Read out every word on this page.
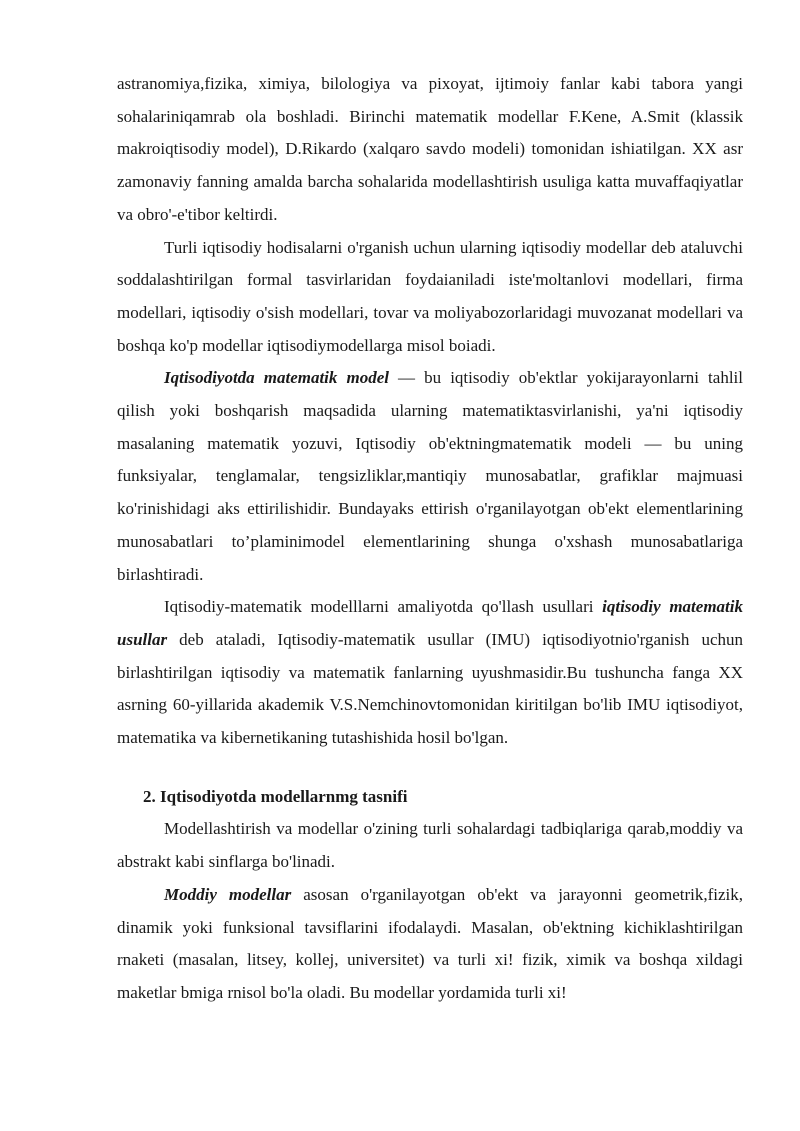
astranomiya,fizika, ximiya, bilologiya va pixoyat, ijtimoiy fanlar kabi tabora yangi sohalariniqamrab ola boshladi. Birinchi matematik modellar F.Kene, A.Smit (klassik makroiqtisodiy model), D.Rikardo (xalqaro savdo modeli) tomonidan ishiatilgan. XX asr zamonaviy fanning amalda barcha sohalarida modellashtirish usuliga katta muvaffaqiyatlar va obro'-e'tibor keltirdi.

Turli iqtisodiy hodisalarni o'rganish uchun ularning iqtisodiy modellar deb ataluvchi soddalashtirilgan formal tasvirlaridan foydaianiladi iste'moltanlovi modellari, firma modellari, iqtisodiy o'sish modellari, tovar va moliyabozorlaridagi muvozanat modellari va boshqa ko'p modellar iqtisodiymodellarga misol boiadi.

Iqtisodiyotda matematik model — bu iqtisodiy ob'ektlar yokijarayonlarni tahlil qilish yoki boshqarish maqsadida ularning matematiktasvirlanishi, ya'ni iqtisodiy masalaning matematik yozuvi, Iqtisodiy ob'ektningmatematik modeli — bu uning funksiyalar, tenglamalar, tengsizliklar,mantiqiy munosabatlar, grafiklar majmuasi ko'rinishidagi aks ettirilishidir. Bundayaks ettirish o'rganilayotgan ob'ekt elementlarining munosabatlari to’plaminimodel elementlarining shunga o'xshash munosabatlariga birlashtiradi.

Iqtisodiy-matematik modelllarni amaliyotda qo'llash usullari iqtisodiy matematik usullar deb ataladi, Iqtisodiy-matematik usullar (IMU) iqtisodiyotnio'rganish uchun birlashtirilgan iqtisodiy va matematik fanlarning uyushmasidir.Bu tushuncha fanga XX asrning 60-yillarida akademik V.S.Nemchinovtomonidan kiritilgan bo'lib IMU iqtisodiyot, matematika va kibernetikaning tutashishida hosil bo'lgan.

2. Iqtisodiyotda modellarnmg tasnifi

Modellashtirish va modellar o'zining turli sohalardagi tadbiqlariga qarab,moddiy va abstrakt kabi sinflarga bo'linadi.

Moddiy modellar asosan o'rganilayotgan ob'ekt va jarayonni geometrik,fizik, dinamik yoki funksional tavsiflarini ifodalaydi. Masalan, ob'ektning kichiklashtirilgan rnaketi (masalan, litsey, kollej, universitet) va turli xi! fizik, ximik va boshqa xildagi maketlar bmiga rnisol bo'la oladi. Bu modellar yordamida turli xi!
